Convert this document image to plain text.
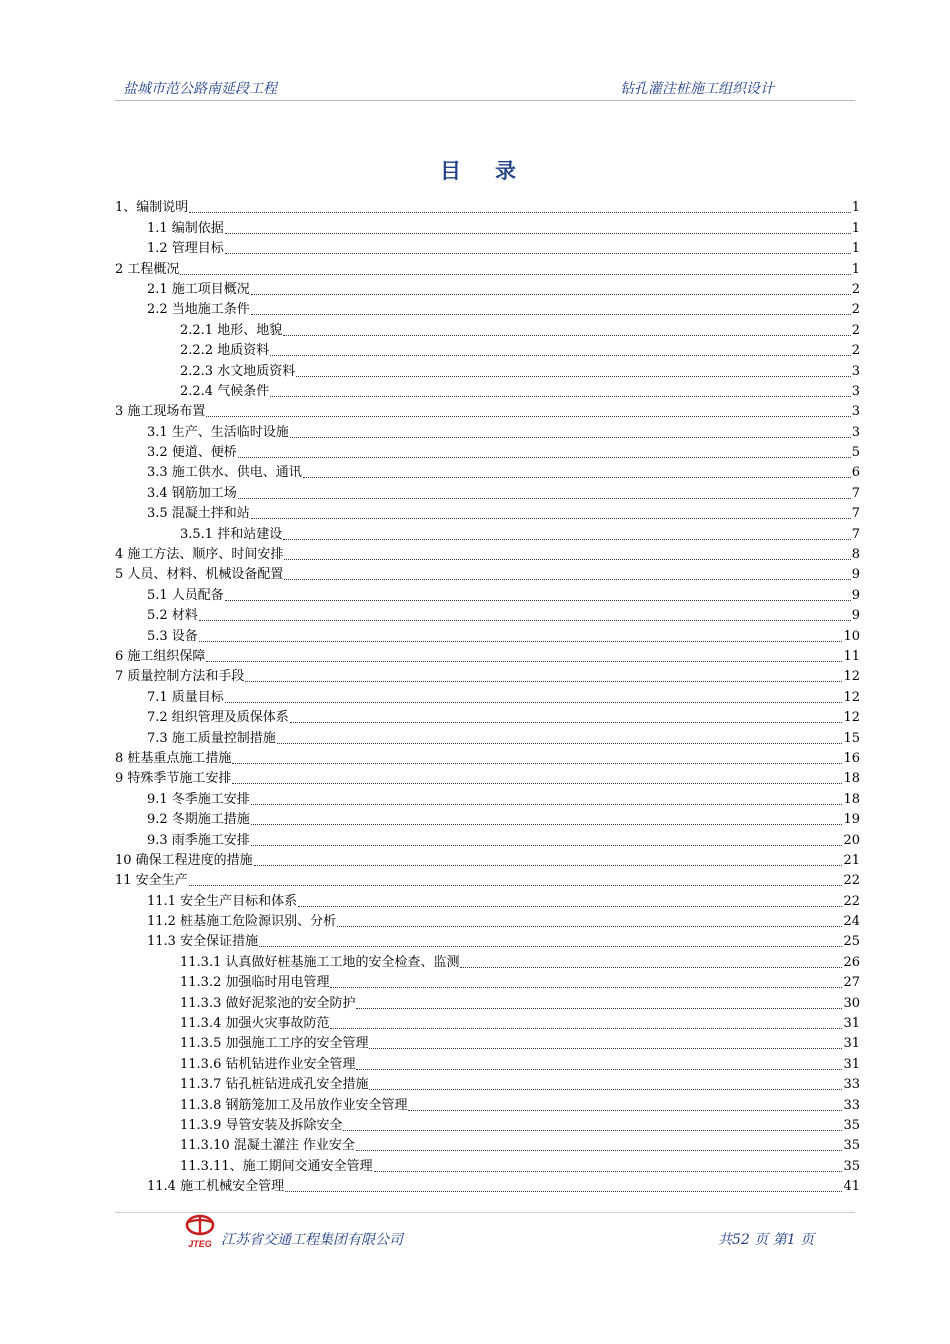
盐城市范公路南延段工程	钻孔灌注桩施工组织设计
目录
1、编制说明	1
1.1 编制依据	1
1.2 管理目标	1
2 工程概况	1
2.1 施工项目概况	2
2.2 当地施工条件	2
2.2.1 地形、地貌	2
2.2.2 地质资料	2
2.2.3 水文地质资料	3
2.2.4 气候条件	3
3 施工现场布置	3
3.1 生产、生活临时设施	3
3.2 便道、便桥	5
3.3 施工供水、供电、通讯	6
3.4 钢筋加工场	7
3.5 混凝土拌和站	7
3.5.1 拌和站建设	7
4 施工方法、顺序、时间安排	8
5 人员、材料、机械设备配置	9
5.1 人员配备	9
5.2 材料	9
5.3 设备	10
6 施工组织保障	11
7 质量控制方法和手段	12
7.1 质量目标	12
7.2 组织管理及质保体系	12
7.3 施工质量控制措施	15
8 桩基重点施工措施	16
9 特殊季节施工安排	18
9.1 冬季施工安排	18
9.2 冬期施工措施	19
9.3 雨季施工安排	20
10 确保工程进度的措施	21
11 安全生产	22
11.1 安全生产目标和体系	22
11.2 桩基施工危险源识别、分析	24
11.3 安全保证措施	25
11.3.1 认真做好桩基施工工地的安全检查、监测	26
11.3.2 加强临时用电管理	27
11.3.3 做好泥浆池的安全防护	30
11.3.4 加强火灾事故防范	31
11.3.5 加强施工工序的安全管理	31
11.3.6 钻机钻进作业安全管理	31
11.3.7 钻孔桩钻进成孔安全措施	33
11.3.8 钢筋笼加工及吊放作业安全管理	33
11.3.9 导管安装及拆除安全	35
11.3.10 混凝土灌注 作业安全	35
11.3.11、施工期间交通安全管理	35
11.4 施工机械安全管理	41
JTEG 江苏省交通工程集团有限公司	共52 页 第1 页
